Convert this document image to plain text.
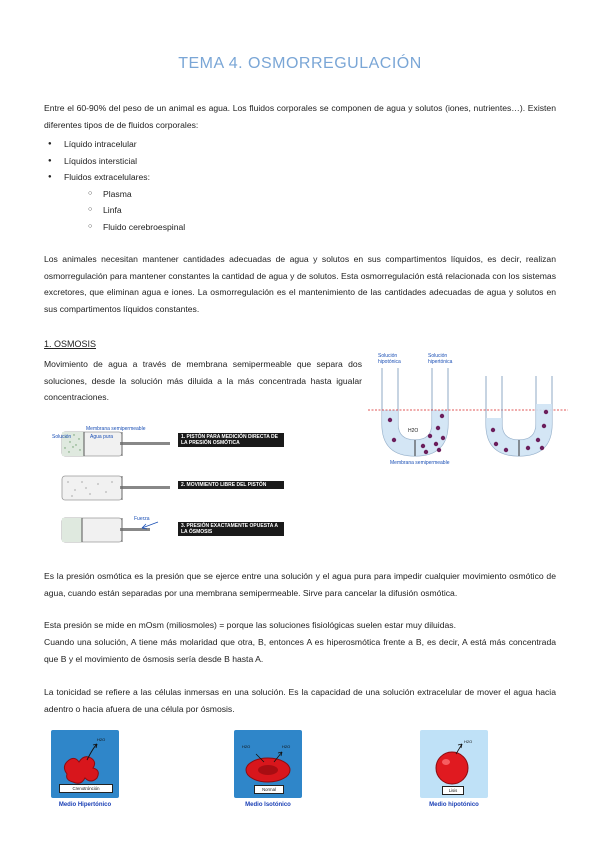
TEMA 4. OSMORREGULACIÓN
Entre el 60-90% del peso de un animal es agua. Los fluidos corporales se componen de agua y solutos (iones, nutrientes…). Existen diferentes tipos de de fluidos corporales:
● Líquido intracelular
● Líquidos intersticial
● Fluidos extracelulares:
○ Plasma
○ Linfa
○ Fluido cerebroespinal
Los animales necesitan mantener cantidades adecuadas de agua y solutos en sus compartimentos líquidos, es decir, realizan osmorregulación para mantener constantes la cantidad de agua y de solutos. Esta osmorregulación está relacionada con los sistemas excretores, que eliminan agua e iones. La osmorregulación es el mantenimiento de las cantidades adecuadas de agua y solutos en sus compartimentos líquidos constantes.
1. OSMOSIS
Movimiento de agua a través de membrana semipermeable que separa dos soluciones, desde la solución más diluida a la más concentrada hasta igualar concentraciones.
Solución
Membrana semipermeable
Agua pura
Fuerza
1. PISTÓN PARA MEDICIÓN DIRECTA DE LA PRESIÓN OSMÓTICA
2. MOVIMIENTO LIBRE DEL PISTÓN
3. PRESIÓN EXACTAMENTE OPUESTA A LA ÓSMOSIS
Solución hipotónica
Solución hipertónica
H2O
Membrana semipermeable
Es la presión osmótica es la presión que se ejerce entre una solución y el agua pura para impedir cualquier movimiento osmótico de agua, cuando están separadas por una membrana semipermeable. Sirve para cancelar la difusión osmótica.
Esta presión se mide en mOsm (miliosmoles) = porque las soluciones fisiológicas suelen estar muy diluidas.
Cuando una solución, A tiene más molaridad que otra, B, entonces A es hiperosmótica frente a B, es decir, A está más concentrada que B y el movimiento de ósmosis sería desde B hasta A.
La tonicidad se refiere a las células inmersas en una solución. Es la capacidad de una solución extracelular de mover el agua hacia adentro o hacia afuera de una célula por ósmosis.
H2O
Crenotrónción
Medio Hipertónico
H2O	H2O
Normal
Medio Isotónico
H2O
Lisis
Medio hipotónico
